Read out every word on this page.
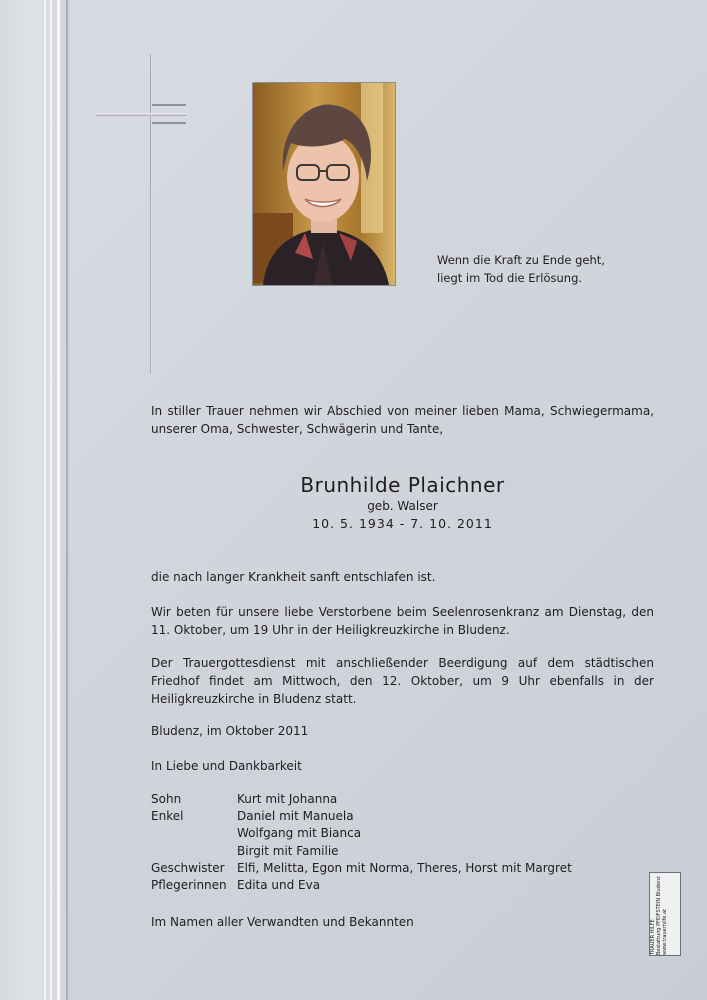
Wenn die Kraft zu Ende geht,
liegt im Tod die Erlösung.
In stiller Trauer nehmen wir Abschied von meiner lieben Mama, Schwiegermama, unserer Oma, Schwester, Schwägerin und Tante,
Brunhilde Plaichner
geb. Walser
10. 5. 1934 - 7. 10. 2011
die nach langer Krankheit sanft entschlafen ist.
Wir beten für unsere liebe Verstorbene beim Seelenrosenkranz am Dienstag, den 11. Oktober, um 19 Uhr in der Heiligkreuzkirche in Bludenz.
Der Trauergottesdienst mit anschließender Beerdigung auf dem städtischen Friedhof findet am Mittwoch, den 12. Oktober, um 9 Uhr ebenfalls in der Heiligkreuzkirche in Bludenz statt.
Bludenz, im Oktober 2011
In Liebe und Dankbarkeit
Sohn	Kurt mit Johanna
Enkel	Daniel mit Manuela
Wolfgang mit Bianca
Birgit mit Familie
Geschwister	Elfi, Melitta, Egon mit Norma, Theres, Horst mit Margret
Pflegerinnen Edita und Eva
Im Namen aller Verwandten und Bekannten	TRAUER HILFE Bestattung PFEIFSTEIN Bludenz www.trauerhilfe.at
